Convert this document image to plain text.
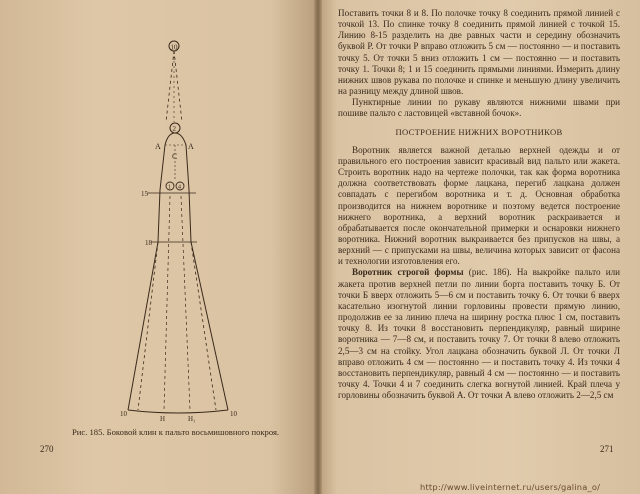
10
2
А	А
С
1 4
15
18
10	10
Н	Н₁
Рис. 185. Боковой клин к пальто восьмишовного покроя.
270

Поставить точки 8 и 8. По полочке точку 8 соединить прямой линией с точкой 13. По спинке точку 8 соединить прямой линией с точкой 15. Линию 8-15 разделить на две равных части и середину обозначить буквой Р. От точки Р вправо отложить 5 см — постоянно — и поставить точку 5. От точки 5 вниз отложить 1 см — постоянно — и поставить точку 1. Точки 8; 1 и 15 соединить прямыми линиями. Измерить длину нижних швов рукава по полочке и спинке и меньшую длину увеличить на разницу между длиной швов.

Пунктирные линии по рукаву являются нижними швами при пошиве пальто с ластовицей «вставной бочок».

ПОСТРОЕНИЕ НИЖНИХ ВОРОТНИКОВ

Воротник является важной деталью верхней одежды и от правильного его построения зависит красивый вид пальто или жакета. Строить воротник надо на чертеже полочки, так как форма воротника должна соответствовать форме лацкана, перегиб лацкана должен совпадать с перегибом воротника и т. д. Основная обработка производится на нижнем воротнике и поэтому ведется построение нижнего воротника, а верхний воротник раскраивается и обрабатывается после окончательной примерки и оснаровки нижнего воротника. Нижний воротник выкраивается без припусков на швы, а верхний — с припусками на швы, величина которых зависит от фасона и технологии изготовления его.

Воротник строгой формы (рис. 186). На выкройке пальто или жакета против верхней петли по линии борта поставить точку Б. От точки Б вверх отложить 5—6 см и поставить точку 6. От точки 6 вверх касательно изогнутой линии горловины провести прямую линию, продолжив ее за линию плеча на ширину ростка плюс 1 см, поставить точку 8. Из точки 8 восстановить перпендикуляр, равный ширине воротника — 7—8 см, и поставить точку 7. От точки 8 влево отложить 2,5—3 см на стойку. Угол лацкана обозначить буквой Л. От точки Л вправо отложить 4 см — постоянно — и поставить точку 4. Из точки 4 восстановить перпендикуляр, равный 4 см — постоянно — и поставить точку 4. Точки 4 и 7 соединить слегка вогнутой линией. Край плеча у горловины обозначить буквой А. От точки А влево отложить 2—2,5 см

271
http://www.liveinternet.ru/users/galina_o/
